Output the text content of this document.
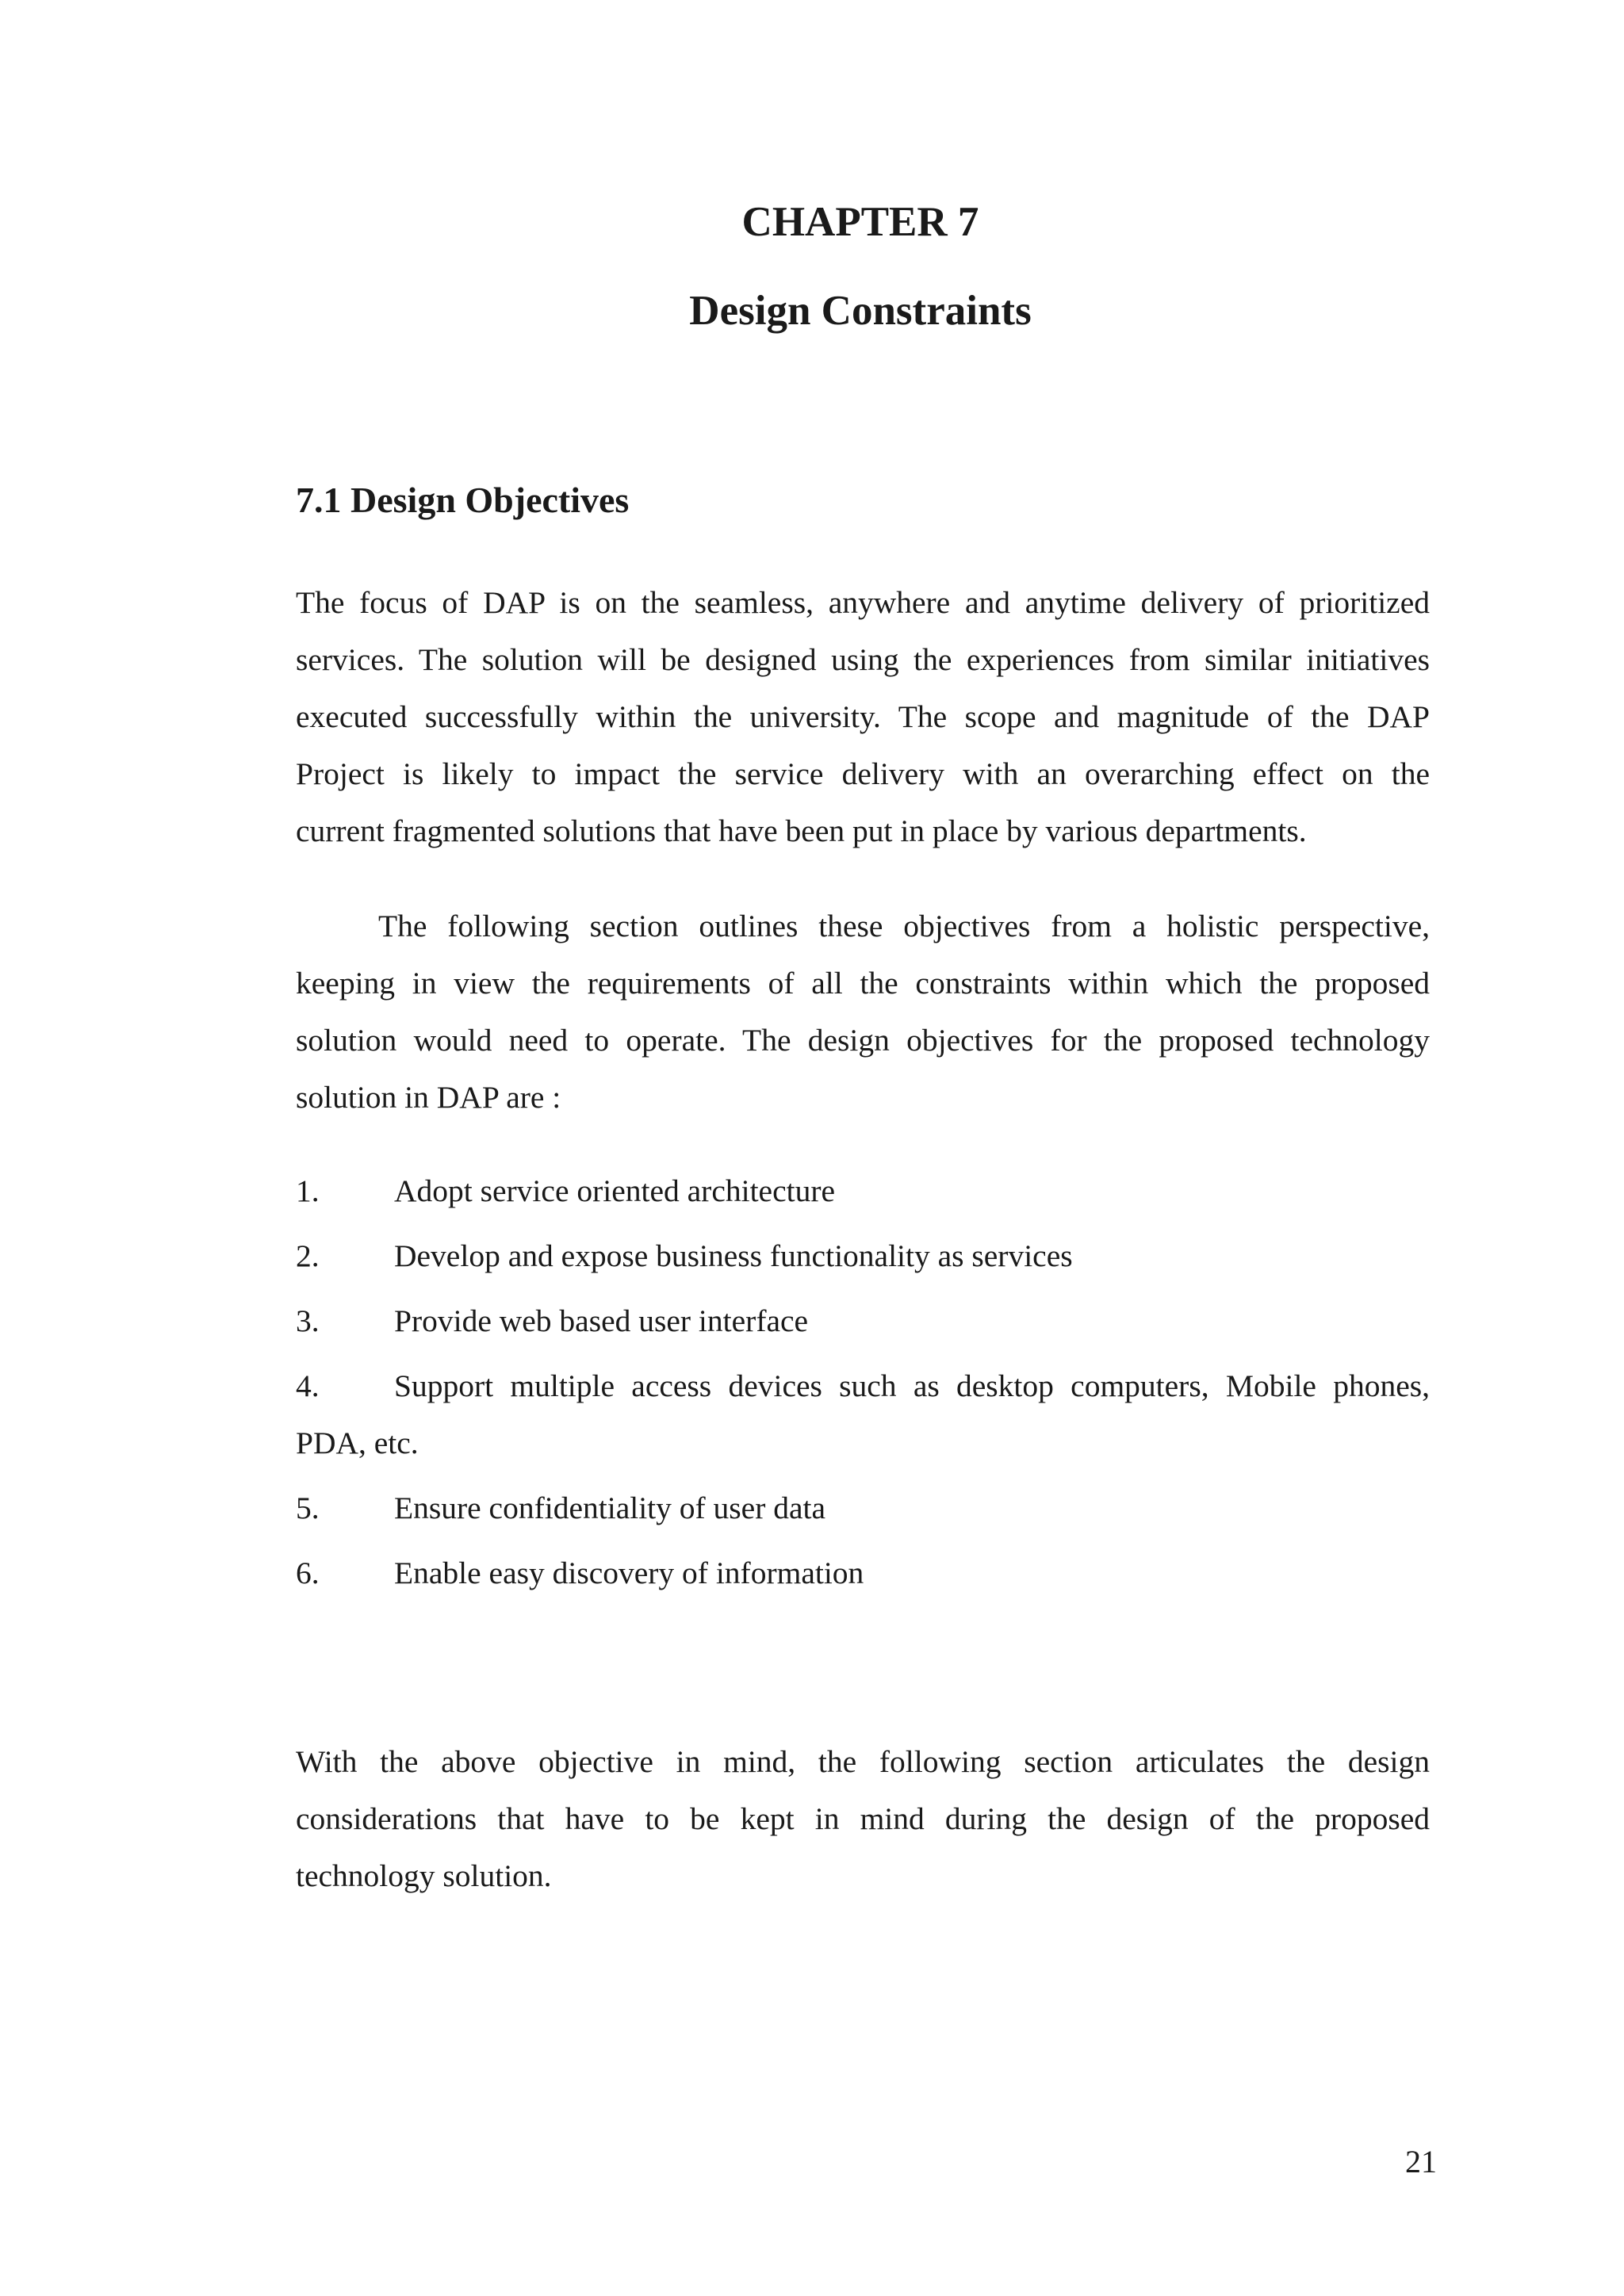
CHAPTER 7
Design Constraints
7.1 Design Objectives
The focus of DAP is on the seamless, anywhere and anytime delivery of prioritized
services. The solution will be designed using the experiences from similar initiatives
executed successfully within the university. The scope and magnitude of the DAP
Project is likely to impact the service delivery with an overarching effect on the
current fragmented solutions that have been put in place by various departments.
The following section outlines these objectives from a holistic perspective,
keeping in view the requirements of all the constraints within which the proposed
solution would need to operate. The design objectives for the proposed technology
solution in DAP are :
1.	Adopt service oriented architecture
2.	Develop and expose business functionality as services
3.	Provide web based user interface
4.	Support multiple access devices such as desktop computers, Mobile phones,
PDA, etc.
5.	Ensure confidentiality of user data
6.	Enable easy discovery of information
With the above objective in mind, the following section articulates the design
considerations that have to be kept in mind during the design of the proposed
technology solution.
21
